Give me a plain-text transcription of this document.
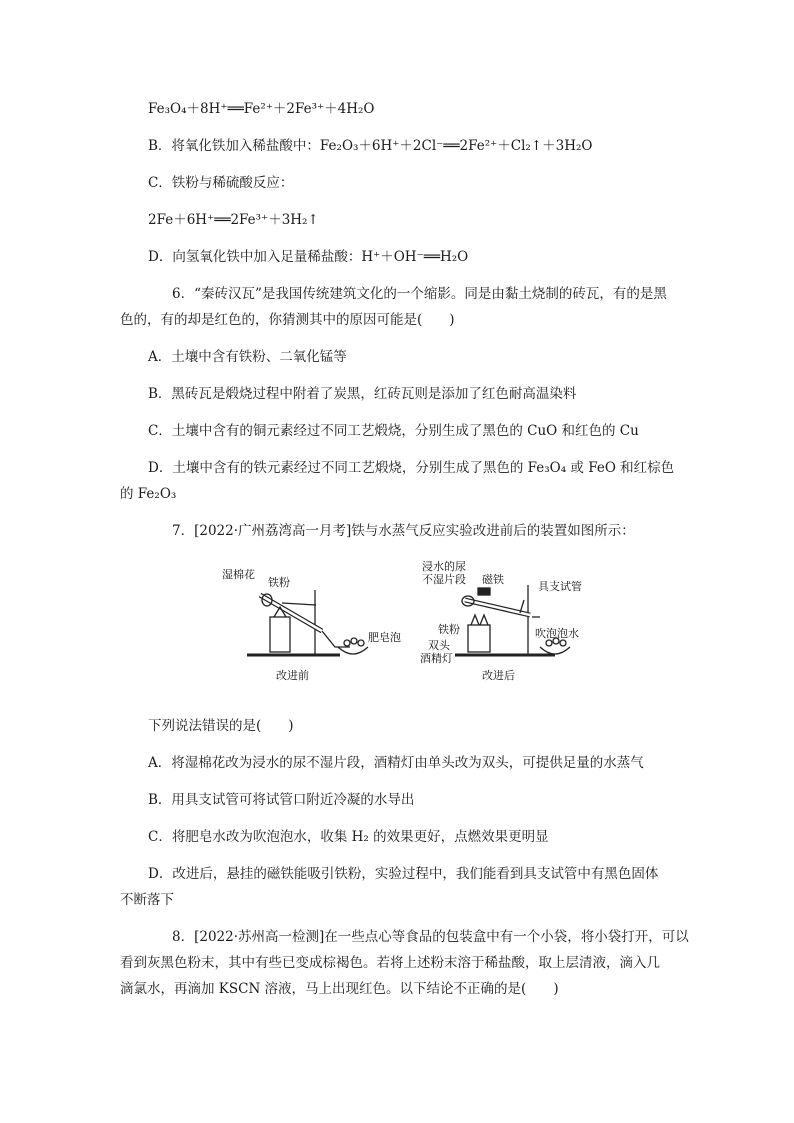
Fe₃O₄＋8H⁺══Fe²⁺＋2Fe³⁺＋4H₂O
B．将氧化铁加入稀盐酸中：Fe₂O₃＋6H⁺＋2Cl⁻══2Fe²⁺＋Cl₂↑＋3H₂O
C．铁粉与稀硫酸反应：
2Fe＋6H⁺══2Fe³⁺＋3H₂↑
D．向氢氧化铁中加入足量稀盐酸：H⁺＋OH⁻══H₂O
6．“秦砖汉瓦”是我国传统建筑文化的一个缩影。同是由黏土烧制的砖瓦，有的是黑
色的，有的却是红色的，你猜测其中的原因可能是(　　)
A．土壤中含有铁粉、二氧化锰等
B．黑砖瓦是煅烧过程中附着了炭黑，红砖瓦则是添加了红色耐高温染料
C．土壤中含有的铜元素经过不同工艺煅烧，分别生成了黑色的 CuO 和红色的 Cu
D．土壤中含有的铁元素经过不同工艺煅烧，分别生成了黑色的 Fe₃O₄ 或 FeO 和红棕色
的 Fe₂O₃
7．[2022·广州荔湾高一月考]铁与水蒸气反应实验改进前后的装置如图所示：
湿棉花
铁粉
肥皂泡
改进前
浸水的尿
不湿片段 磁铁
具支试管
铁粉
双头
酒精灯
吹泡泡水
改进后
下列说法错误的是(　　)
A．将湿棉花改为浸水的尿不湿片段，酒精灯由单头改为双头，可提供足量的水蒸气
B．用具支试管可将试管口附近冷凝的水导出
C．将肥皂水改为吹泡泡水，收集 H₂ 的效果更好，点燃效果更明显
D．改进后，悬挂的磁铁能吸引铁粉，实验过程中，我们能看到具支试管中有黑色固体
不断落下
8．[2022·苏州高一检测]在一些点心等食品的包装盒中有一个小袋，将小袋打开，可以
看到灰黑色粉末，其中有些已变成棕褐色。若将上述粉末溶于稀盐酸，取上层清液，滴入几
滴氯水，再滴加 KSCN 溶液，马上出现红色。以下结论不正确的是(　　)
